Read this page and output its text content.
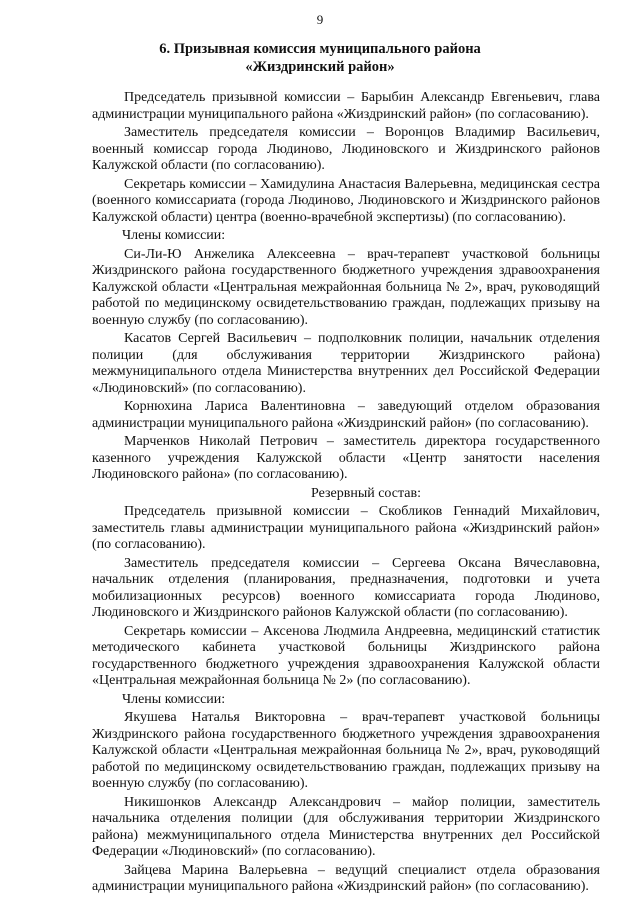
9
6. Призывная комиссия муниципального района
«Жиздринский район»

Председатель призывной комиссии – Барыбин Александр Евгеньевич, глава администрации муниципального района «Жиздринский район» (по согласованию).

Заместитель председателя комиссии – Воронцов Владимир Васильевич, военный комиссар города Людиново, Людиновского и Жиздринского районов Калужской области (по согласованию).

Секретарь комиссии – Хамидулина Анастасия Валерьевна, медицинская сестра (военного комиссариата (города Людиново, Людиновского и Жиздринского районов Калужской области) центра (военно-врачебной экспертизы) (по согласованию).

Члены комиссии:

Си-Ли-Ю Анжелика Алексеевна – врач-терапевт участковой больницы Жиздринского района государственного бюджетного учреждения здравоохранения Калужской области «Центральная межрайонная больница № 2», врач, руководящий работой по медицинскому освидетельствованию граждан, подлежащих призыву на военную службу (по согласованию).

Касатов Сергей Васильевич – подполковник полиции, начальник отделения полиции (для обслуживания территории Жиздринского района) межмуниципального отдела Министерства внутренних дел Российской Федерации «Людиновский» (по согласованию).

Корнюхина Лариса Валентиновна – заведующий отделом образования администрации муниципального района «Жиздринский район» (по согласованию).

Марченков Николай Петрович – заместитель директора государственного казенного учреждения Калужской области «Центр занятости населения Людиновского района» (по согласованию).

Резервный состав:

Председатель призывной комиссии – Скобликов Геннадий Михайлович, заместитель главы администрации муниципального района «Жиздринский район» (по согласованию).

Заместитель председателя комиссии – Сергеева Оксана Вячеславовна, начальник отделения (планирования, предназначения, подготовки и учета мобилизационных ресурсов) военного комиссариата города Людиново, Людиновского и Жиздринского районов Калужской области (по согласованию).

Секретарь комиссии – Аксенова Людмила Андреевна, медицинский статистик методического кабинета участковой больницы Жиздринского района государственного бюджетного учреждения здравоохранения Калужской области «Центральная межрайонная больница № 2» (по согласованию).

Члены комиссии:

Якушева Наталья Викторовна – врач-терапевт участковой больницы Жиздринского района государственного бюджетного учреждения здравоохранения Калужской области «Центральная межрайонная больница № 2», врач, руководящий работой по медицинскому освидетельствованию граждан, подлежащих призыву на военную службу (по согласованию).

Никишонков Александр Александрович – майор полиции, заместитель начальника отделения полиции (для обслуживания территории Жиздринского района) межмуниципального отдела Министерства внутренних дел Российской Федерации «Людиновский» (по согласованию).

Зайцева Марина Валерьевна – ведущий специалист отдела образования администрации муниципального района «Жиздринский район» (по согласованию).
